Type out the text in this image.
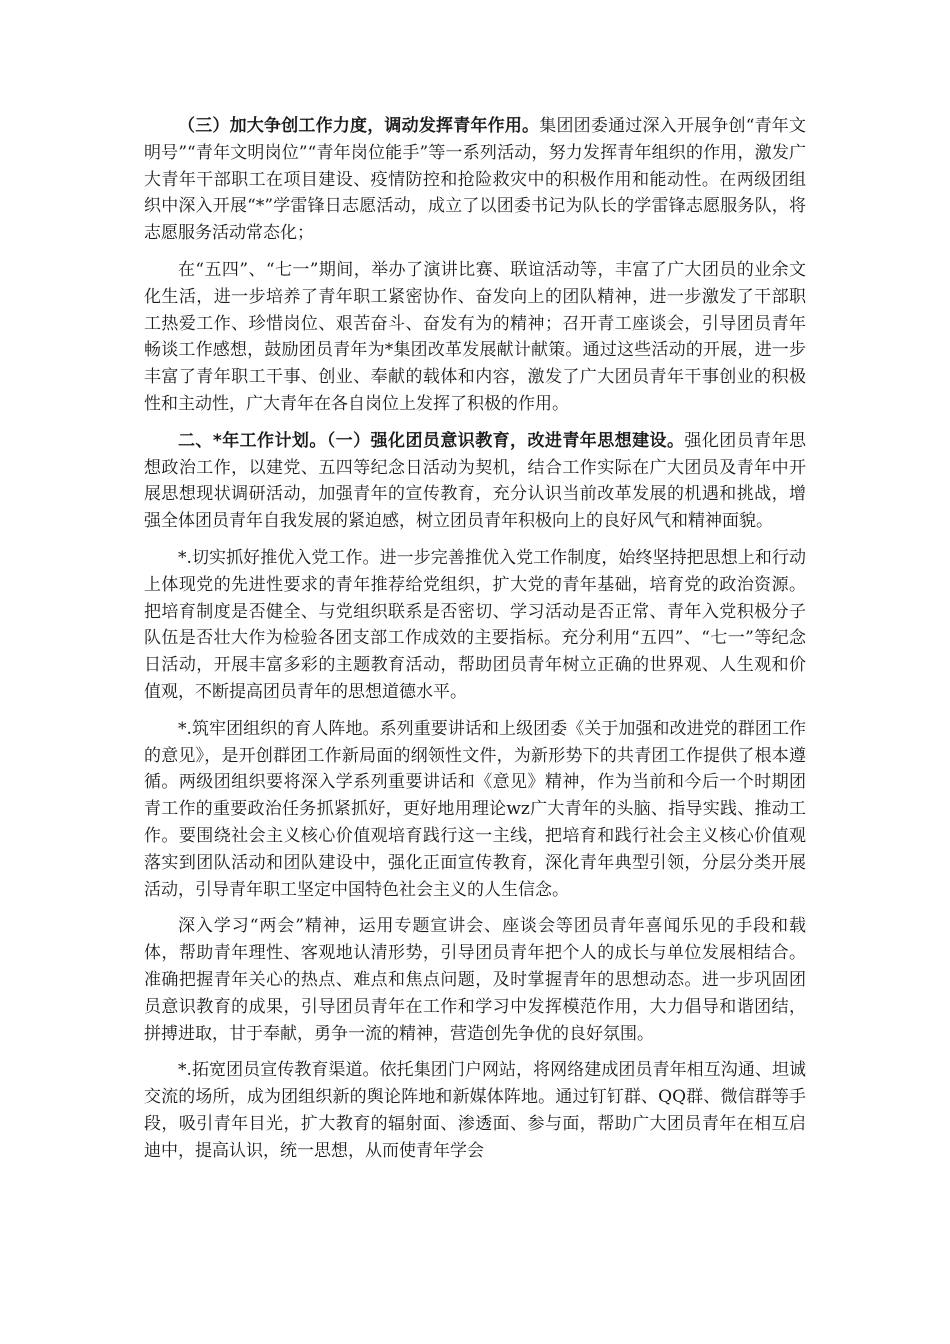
（三）加大争创工作力度，调动发挥青年作用。集团团委通过深入开展争创“青年文明号”“青年文明岗位”“青年岗位能手”等一系列活动，努力发挥青年组织的作用，激发广大青年干部职工在项目建设、疫情防控和抢险救灾中的积极作用和能动性。在两级团组织中深入开展“*”学雷锋日志愿活动，成立了以团委书记为队长的学雷锋志愿服务队，将志愿服务活动常态化；

在“五四”、“七一”期间，举办了演讲比赛、联谊活动等，丰富了广大团员的业余文化生活，进一步培养了青年职工紧密协作、奋发向上的团队精神，进一步激发了干部职工热爱工作、珍惜岗位、艰苦奋斗、奋发有为的精神；召开青工座谈会，引导团员青年畅谈工作感想，鼓励团员青年为*集团改革发展献计献策。通过这些活动的开展，进一步丰富了青年职工干事、创业、奉献的载体和内容，激发了广大团员青年干事创业的积极性和主动性，广大青年在各自岗位上发挥了积极的作用。

二、*年工作计划。（一）强化团员意识教育，改进青年思想建设。强化团员青年思想政治工作，以建党、五四等纪念日活动为契机，结合工作实际在广大团员及青年中开展思想现状调研活动，加强青年的宣传教育，充分认识当前改革发展的机遇和挑战，增强全体团员青年自我发展的紧迫感，树立团员青年积极向上的良好风气和精神面貌。

*.切实抓好推优入党工作。进一步完善推优入党工作制度，始终坚持把思想上和行动上体现党的先进性要求的青年推荐给党组织，扩大党的青年基础，培育党的政治资源。把培育制度是否健全、与党组织联系是否密切、学习活动是否正常、青年入党积极分子队伍是否壮大作为检验各团支部工作成效的主要指标。充分利用“五四”、“七一”等纪念日活动，开展丰富多彩的主题教育活动，帮助团员青年树立正确的世界观、人生观和价值观，不断提高团员青年的思想道德水平。

*.筑牢团组织的育人阵地。系列重要讲话和上级团委《关于加强和改进党的群团工作的意见》，是开创群团工作新局面的纲领性文件，为新形势下的共青团工作提供了根本遵循。两级团组织要将深入学系列重要讲话和《意见》精神，作为当前和今后一个时期团青工作的重要政治任务抓紧抓好，更好地用理论wz广大青年的头脑、指导实践、推动工作。要围绕社会主义核心价值观培育践行这一主线，把培育和践行社会主义核心价值观落实到团队活动和团队建设中，强化正面宣传教育，深化青年典型引领，分层分类开展活动，引导青年职工坚定中国特色社会主义的人生信念。

深入学习“两会”精神，运用专题宣讲会、座谈会等团员青年喜闻乐见的手段和载体，帮助青年理性、客观地认清形势，引导团员青年把个人的成长与单位发展相结合。准确把握青年关心的热点、难点和焦点问题，及时掌握青年的思想动态。进一步巩固团员意识教育的成果，引导团员青年在工作和学习中发挥模范作用，大力倡导和谐团结，拼搏进取，甘于奉献，勇争一流的精神，营造创先争优的良好氛围。

*.拓宽团员宣传教育渠道。依托集团门户网站，将网络建成团员青年相互沟通、坦诚交流的场所，成为团组织新的舆论阵地和新媒体阵地。通过钉钉群、QQ群、微信群等手段，吸引青年目光，扩大教育的辐射面、渗透面、参与面，帮助广大团员青年在相互启迪中，提高认识，统一思想，从而使青年学会
